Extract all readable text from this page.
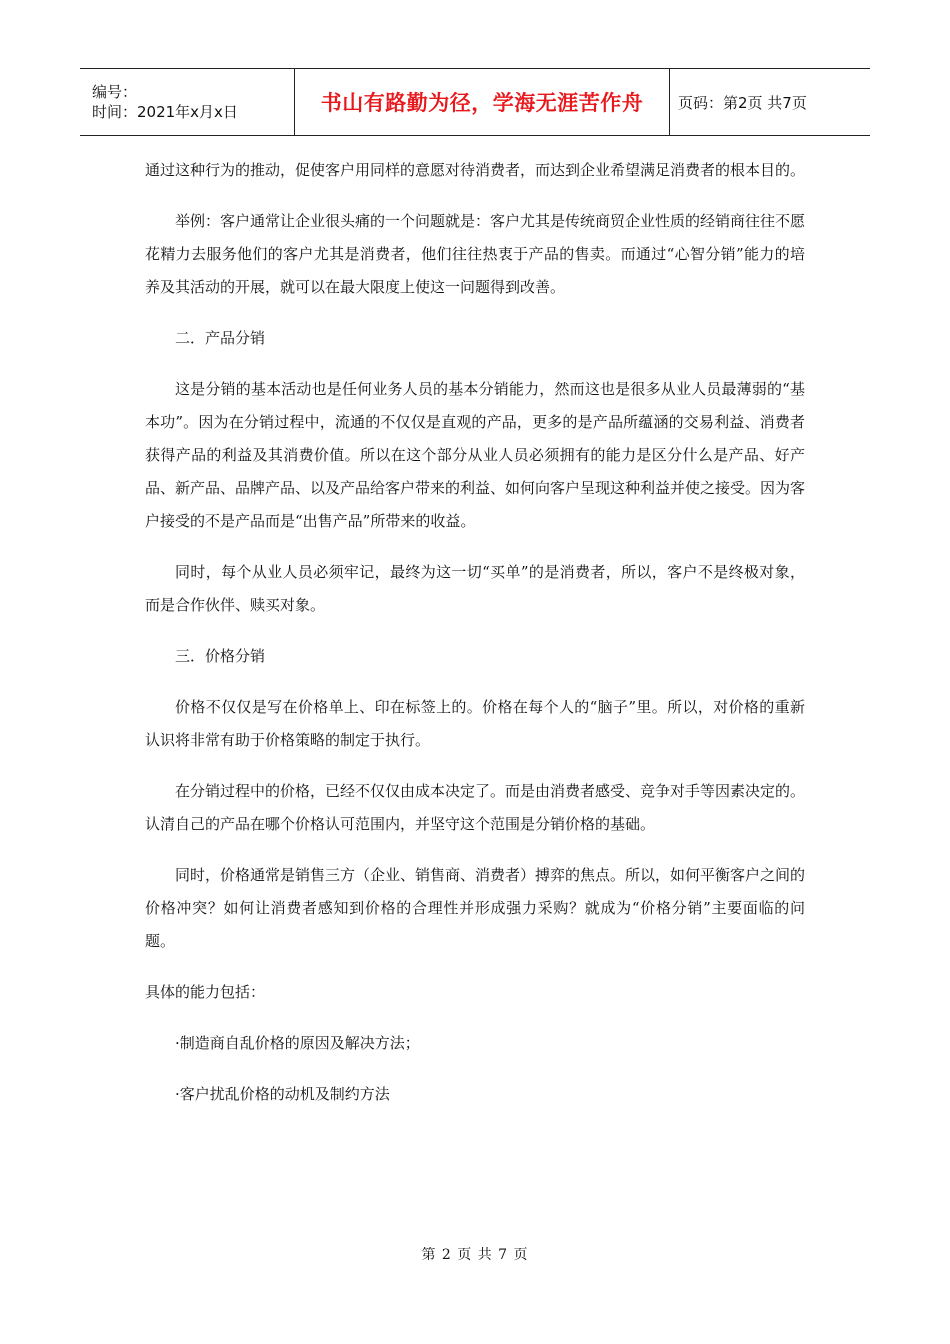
编号：
时间：2021年x月x日	书山有路勤为径，学海无涯苦作舟	页码：第2页 共7页

通过这种行为的推动，促使客户用同样的意愿对待消费者，而达到企业希望满足消费者的根本目的。

举例：客户通常让企业很头痛的一个问题就是：客户尤其是传统商贸企业性质的经销商往往不愿花精力去服务他们的客户尤其是消费者，他们往往热衷于产品的售卖。而通过“心智分销”能力的培养及其活动的开展，就可以在最大限度上使这一问题得到改善。

二．产品分销

这是分销的基本活动也是任何业务人员的基本分销能力，然而这也是很多从业人员最薄弱的“基本功”。因为在分销过程中，流通的不仅仅是直观的产品，更多的是产品所蕴涵的交易利益、消费者获得产品的利益及其消费价值。所以在这个部分从业人员必须拥有的能力是区分什么是产品、好产品、新产品、品牌产品、以及产品给客户带来的利益、如何向客户呈现这种利益并使之接受。因为客户接受的不是产品而是“出售产品”所带来的收益。

同时，每个从业人员必须牢记，最终为这一切“买单”的是消费者，所以，客户不是终极对象，而是合作伙伴、赎买对象。

三．价格分销

价格不仅仅是写在价格单上、印在标签上的。价格在每个人的“脑子”里。所以，对价格的重新认识将非常有助于价格策略的制定于执行。

在分销过程中的价格，已经不仅仅由成本决定了。而是由消费者感受、竞争对手等因素决定的。认清自己的产品在哪个价格认可范围内，并坚守这个范围是分销价格的基础。

同时，价格通常是销售三方（企业、销售商、消费者）搏弈的焦点。所以，如何平衡客户之间的价格冲突？如何让消费者感知到价格的合理性并形成强力采购？就成为“价格分销”主要面临的问题。

具体的能力包括：

·制造商自乱价格的原因及解决方法；

·客户扰乱价格的动机及制约方法

第 2 页 共 7 页
